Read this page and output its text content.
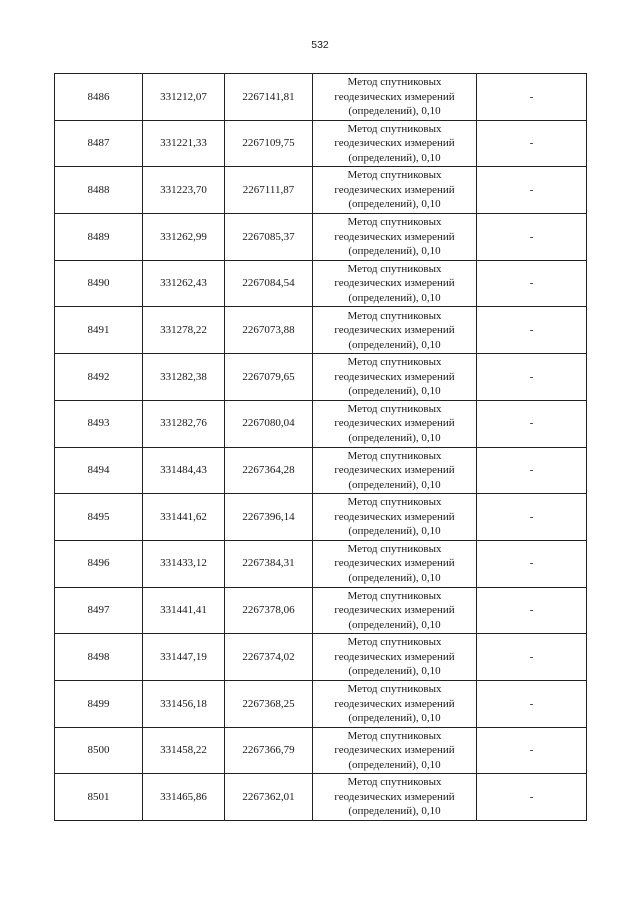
532
8486	331212,07	2267141,81	Метод спутниковых
геодезических измерений
(определений), 0,10	-
8487	331221,33	2267109,75	Метод спутниковых
геодезических измерений
(определений), 0,10	-
8488	331223,70	2267111,87	Метод спутниковых
геодезических измерений
(определений), 0,10	-
8489	331262,99	2267085,37	Метод спутниковых
геодезических измерений
(определений), 0,10	-
8490	331262,43	2267084,54	Метод спутниковых
геодезических измерений
(определений), 0,10	-
8491	331278,22	2267073,88	Метод спутниковых
геодезических измерений
(определений), 0,10	-
8492	331282,38	2267079,65	Метод спутниковых
геодезических измерений
(определений), 0,10	-
8493	331282,76	2267080,04	Метод спутниковых
геодезических измерений
(определений), 0,10	-
8494	331484,43	2267364,28	Метод спутниковых
геодезических измерений
(определений), 0,10	-
8495	331441,62	2267396,14	Метод спутниковых
геодезических измерений
(определений), 0,10	-
8496	331433,12	2267384,31	Метод спутниковых
геодезических измерений
(определений), 0,10	-
8497	331441,41	2267378,06	Метод спутниковых
геодезических измерений
(определений), 0,10	-
8498	331447,19	2267374,02	Метод спутниковых
геодезических измерений
(определений), 0,10	-
8499	331456,18	2267368,25	Метод спутниковых
геодезических измерений
(определений), 0,10	-
8500	331458,22	2267366,79	Метод спутниковых
геодезических измерений
(определений), 0,10	-
8501	331465,86	2267362,01	Метод спутниковых
геодезических измерений
(определений), 0,10	-
